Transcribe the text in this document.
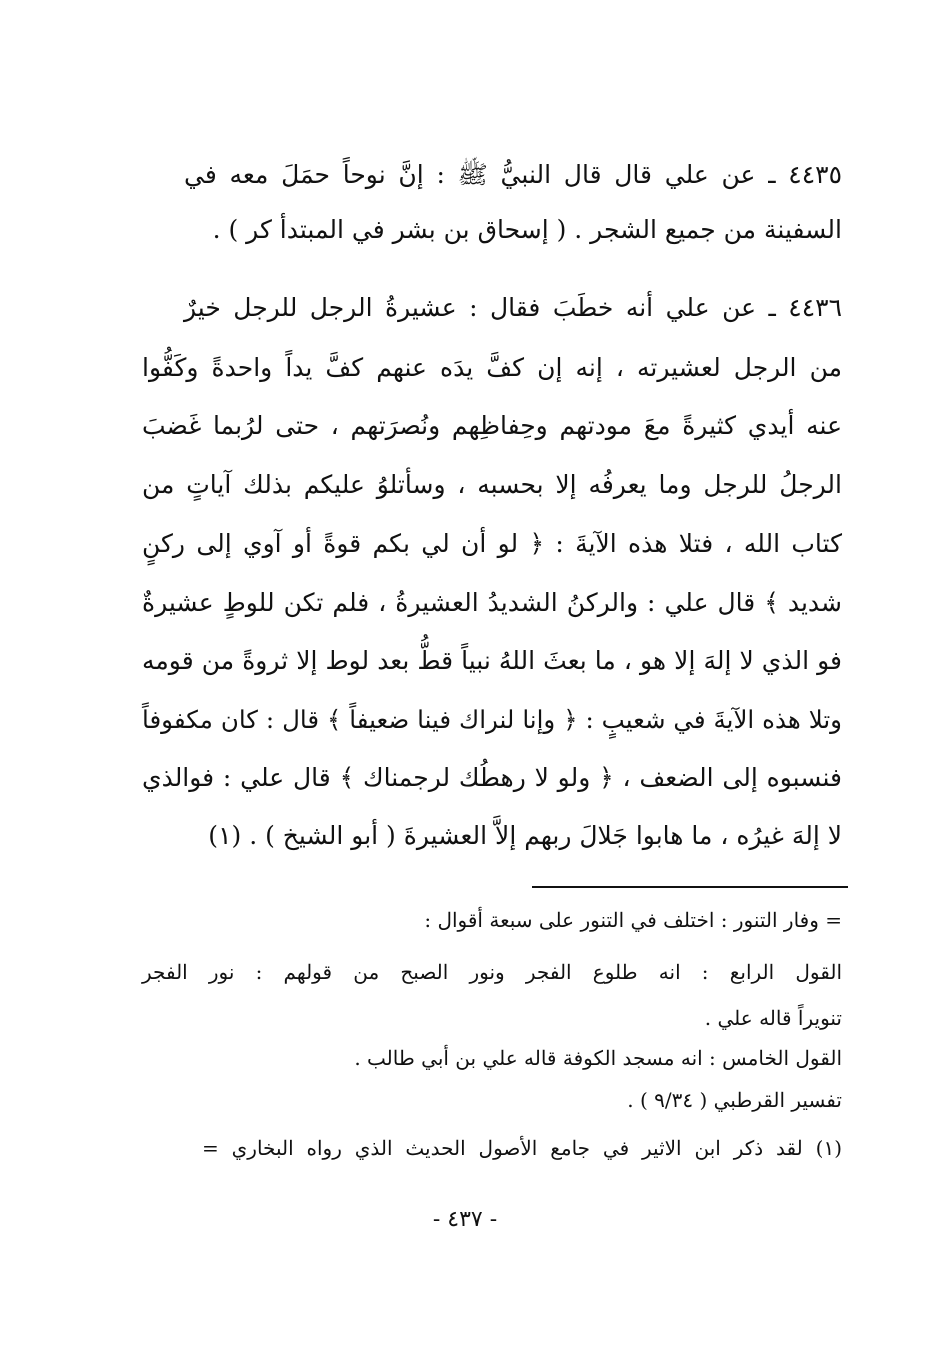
٤٤٣٥ ـ عن علي قال قال النبيُّ ﷺ : إنَّ نوحاً حمَلَ معه في
السفينة من جميع الشجر . ( إسحاق بن بشر في المبتدأ كر ) .
٤٤٣٦ ـ عن علي أنه خطَبَ فقال : عشيرةُ الرجل للرجل خيرٌ
من الرجل لعشيرته ، إنه إن كفَّ يدَه عنهم كفَّ يداً واحدةً وكَفُّوا
عنه أيدي كثيرةً معَ مودتهم وحِفاظِهم ونُصرَتهم ، حتى لرُبما غَضبَ
الرجلُ للرجل وما يعرفُه إلا بحسبه ، وسأتلوُ عليكم بذلك آياتٍ من
كتاب الله ، فتلا هذه الآيةَ : ﴿ لو أن لي بكم قوةً أو آوي إلى ركنٍ
شديد ﴾ قال علي : والركنُ الشديدُ العشيرةُ ، فلم تكن للوطٍ عشيرةٌ
فو الذي لا إلهَ إلا هو ، ما بعثَ اللهُ نبياً قطُّ بعد لوط إلا ثروةً من قومه
وتلا هذه الآيةَ في شعيبٍ : ﴿ وإنا لنراك فينا ضعيفاً ﴾ قال : كان مكفوفاً
فنسبوه إلى الضعف ، ﴿ ولو لا رهطُك لرجمناك ﴾ قال علي : فوالذي
لا إلهَ غيرُه ، ما هابوا جَلالَ ربهم إلاَّ العشيرةَ ( أبو الشيخ ) . (١)
= وفار التنور : اختلف في التنور على سبعة أقوال :
القول الرابع : انه طلوع الفجر ونور الصبح من قولهم : نور الفجر
تنويراً قاله علي .
القول الخامس : انه مسجد الكوفة قاله علي بن أبي طالب .
تفسير القرطبي ( ٩/٣٤ ) .
(١) لقد ذكر ابن الاثير في جامع الأصول الحديث الذي رواه البخاري =
- ٤٣٧ -
